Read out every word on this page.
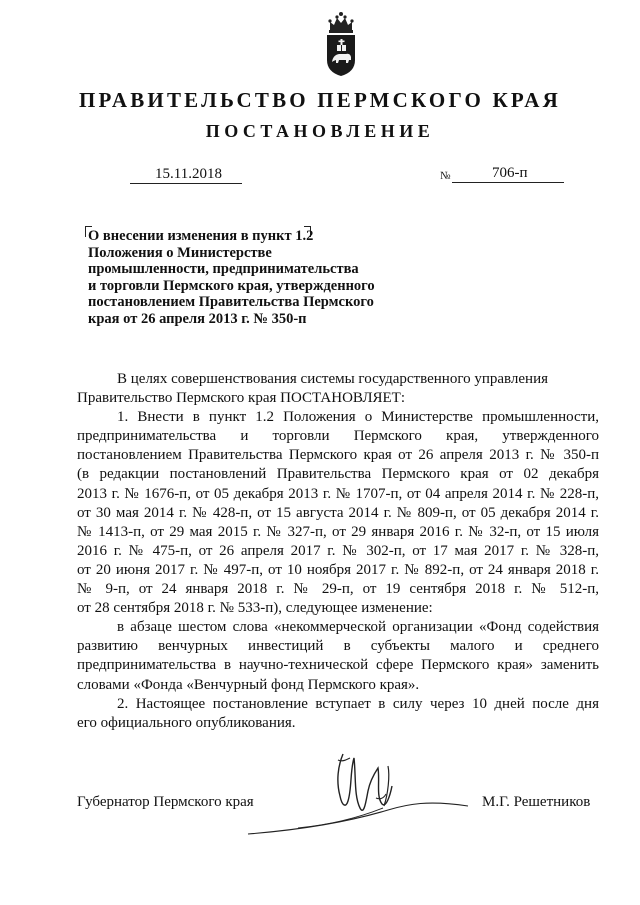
ПРАВИТЕЛЬСТВО ПЕРМСКОГО КРАЯ
ПОСТАНОВЛЕНИЕ
15.11.2018	№	706-п
О внесении изменения в пункт 1.2
Положения о Министерстве
промышленности, предпринимательства
и торговли Пермского края, утвержденного
постановлением Правительства Пермского
края от 26 апреля 2013 г. № 350-п

В целях совершенствования системы государственного управления

Правительство Пермского края ПОСТАНОВЛЯЕТ:

1. Внести в пункт 1.2 Положения о Министерстве промышленности,

предпринимательства и торговли Пермского края, утвержденного

постановлением Правительства Пермского края от 26 апреля 2013 г. № 350-п

(в редакции постановлений Правительства Пермского края от 02 декабря

2013 г. № 1676-п, от 05 декабря 2013 г. № 1707-п, от 04 апреля 2014 г. № 228-п,

от 30 мая 2014 г. № 428-п, от 15 августа 2014 г. № 809-п, от 05 декабря 2014 г.

№ 1413-п, от 29 мая 2015 г. № 327-п, от 29 января 2016 г. № 32-п, от 15 июля

2016 г. № 475-п, от 26 апреля 2017 г. № 302-п, от 17 мая 2017 г. № 328-п,

от 20 июня 2017 г. № 497-п, от 10 ноября 2017 г. № 892-п, от 24 января 2018 г.

№ 9-п, от 24 января 2018 г. № 29-п, от 19 сентября 2018 г. № 512-п,

от 28 сентября 2018 г. № 533-п), следующее изменение:

в абзаце шестом слова «некоммерческой организации «Фонд содействия

развитию венчурных инвестиций в субъекты малого и среднего

предпринимательства в научно-технической сфере Пермского края» заменить

словами «Фонда «Венчурный фонд Пермского края».

2. Настоящее постановление вступает в силу через 10 дней после дня

его официального опубликования.

Губернатор Пермского края	М.Г. Решетников
